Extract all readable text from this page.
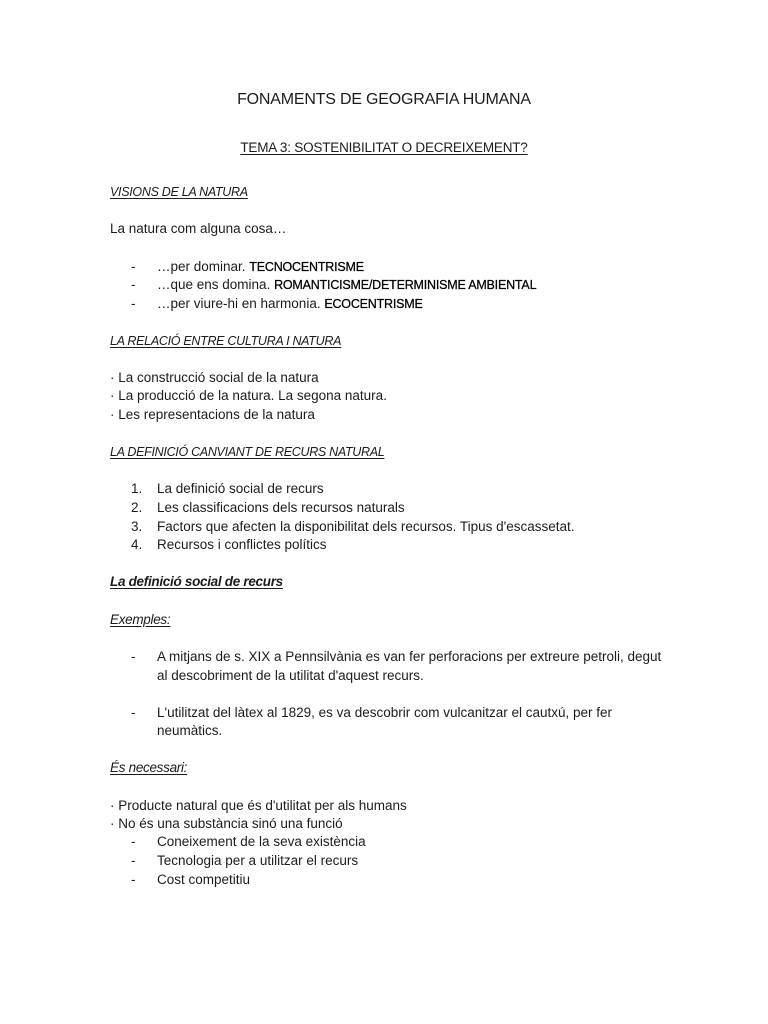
FONAMENTS DE GEOGRAFIA HUMANA
TEMA 3: SOSTENIBILITAT O DECREIXEMENT?
VISIONS DE LA NATURA
La natura com alguna cosa…
- …per dominar. TECNOCENTRISME
- …que ens domina. ROMANTICISME/DETERMINISME AMBIENTAL
- …per viure-hi en harmonia. ECOCENTRISME
LA RELACIÓ ENTRE CULTURA I NATURA
· La construcció social de la natura
· La producció de la natura. La segona natura.
· Les representacions de la natura
LA DEFINICIÓ CANVIANT DE RECURS NATURAL
1. La definició social de recurs
2. Les classificacions dels recursos naturals
3. Factors que afecten la disponibilitat dels recursos. Tipus d'escassetat.
4. Recursos i conflictes polítics
La definició social de recurs
Exemples:
- A mitjans de s. XIX a Pennsilvània es van fer perforacions per extreure petroli, degut
al descobriment de la utilitat d'aquest recurs.
- L'utilitzat del làtex al 1829, es va descobrir com vulcanitzar el cautxú, per fer
neumàtics.
És necessari:
· Producte natural que és d'utilitat per als humans
· No és una substància sinó una funció
- Coneixement de la seva existència
- Tecnologia per a utilitzar el recurs
- Cost competitiu
